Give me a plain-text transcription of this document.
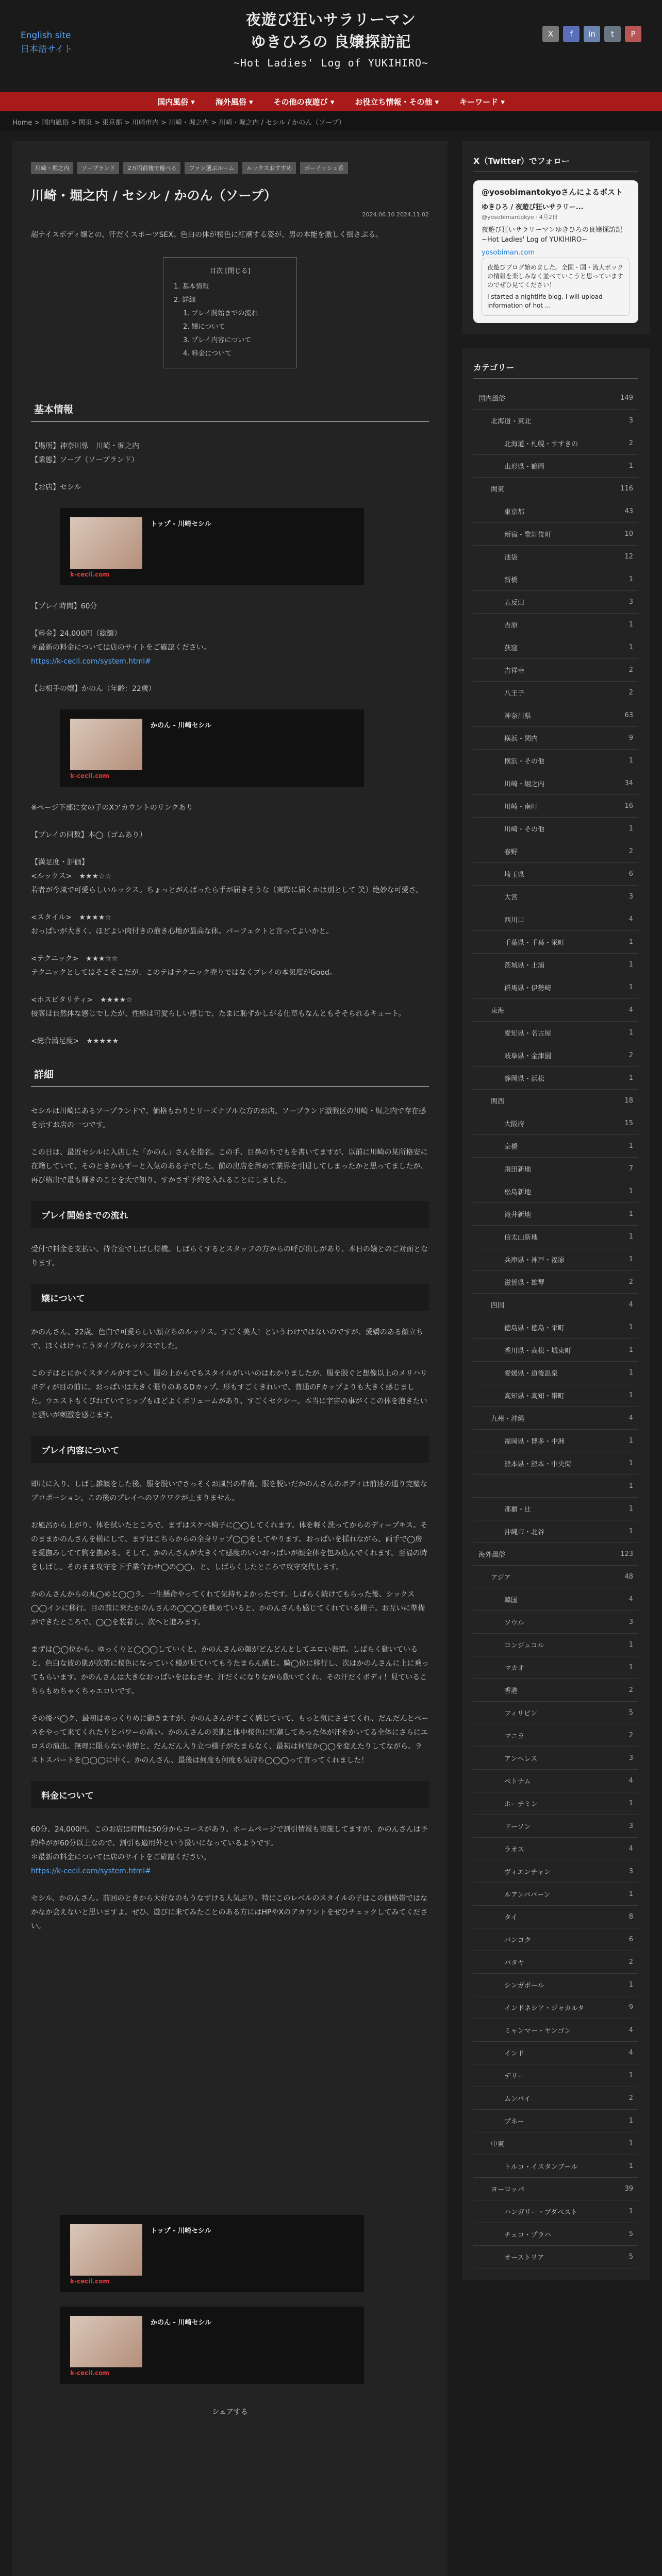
English site
日本語サイト
夜遊び狂いサラリーマン
ゆきひろの 良嬢探訪記
~Hot Ladies' Log of YUKIHIRO~
X	f	in	t	P
国内風俗 ▾	海外風俗 ▾	その他の夜遊び ▾	お役立ち情報・その他 ▾	キーワード ▾
Home > 国内風俗 > 関東 > 東京都 > 川崎市内 > 川崎・堀之内 > 川崎・堀之内 / セシル / かのん（ソープ）
川崎・堀之内	ソープランド	2万円前後で遊べる	ファン選ぶルーム	ルックスおすすめ	ボーイッシュ系
川崎・堀之内 / セシル / かのん（ソープ）
2024.06.10 2024.11.02
超ナイスボディ嬢との、汗だくスポーツSEX。色白の体が桜色に紅潮する姿が、男の本能を激しく揺さぶる。
目次 [閉じる]
1. 基本情報
2. 詳細
1. プレイ開始までの流れ
2. 嬢について
3. プレイ内容について
4. 料金について
基本情報
【場所】神奈川県　川崎・堀之内
【業態】ソープ（ソープランド）
【お店】セシル
トップ - 川崎セシル
k-cecil.com
【プレイ時間】60分
【料金】24,000円（総額）
＊最新の料金については店のサイトをご確認ください。
https://k-cecil.com/system.html#
【お相手の嬢】かのん（年齢：22歳）
かのん - 川崎セシル
k-cecil.com
※ページ下部に女の子のXアカウントのリンクあり
【プレイの回数】本◯（ゴムあり）
【満足度・評価】
<ルックス>　★★★☆☆
若者が今風で可愛らしいルックス。ちょっとがんばったら手が届きそうな（実際に届くかは別として 笑）絶妙な可愛さ。
<スタイル>　★★★★☆
おっぱいが大きく、ほどよい肉付きの抱き心地が最高な体。パーフェクトと言ってよいかと。
<テクニック>　★★★☆☆
テクニックとしてはそこそこだが、このテはテクニック売りではなくプレイの本気度がGood。
<ホスピタリティ>　★★★★☆
接客は自然体な感じでしたが、性格は可愛らしい感じで、たまに恥ずかしがる仕草もなんともそそられるキュート。
<総合満足度>　★★★★★
詳細
セシルは川崎にあるソープランドで、価格もわりとリーズナブルな方のお店。ソープランド激戦区の川崎・堀之内で存在感を示すお店の一つです。
この日は、最近セシルに入店した「かのん」さんを指名。この手、目鼻のちでもを書いてますが、以前に川崎の某所格安に在籍していて、そのときからずーと入気のある子でした。前の出店を辞めて業界を引退してしまったかと思ってましたが、再び格出で最も輝きのことを大で知り、すかさず予約を入れることにしました。
プレイ開始までの流れ
受付で料金を支払い、待合室でしばし待機。しばらくするとスタッフの方からの呼び出しがあり、本日の嬢とのご対面となります。
嬢について
かのんさん、22歳。色白で可愛らしい顔立ちのルックス。すごく美人！というわけではないのですが、愛嬌のある顔立ちで、ほくはけっこうタイプなルックスでした。
この子はとにかくスタイルがすごい。服の上からでもスタイルがいいのはわかりましたが、服を脱ぐと想像以上のメリハリボディが目の前に。おっぱいは大きく張りのあるDカップ。形もすごくきれいで、普通のFカップよりも大きく感じました。ウエストもくびれていてヒップもほどよくボリュームがあり、すごくセクシー。本当に宇宙の事がくこの体を抱きたいと騒いが刺激を感じます。
プレイ内容について
即尺に入り、しばし雑談をした後、服を脱いでさっそくお風呂の準備。服を脱いだかのんさんのボディは前述の通り完璧なプロポーション。この後のプレイへのワクワクが止まりません。
お風呂から上がり、体を拭いたところで、まずはスケべ椅子に◯◯してくれます。体を軽く洗ってからのディープキス。そのままかのんさんを横にして、まずはこちらからの全身リップ◯◯をしてやります。おっぱいを揺れながら、両手で◯房を愛撫みしてて胸を撫める。そして、かのんさんが大きくて感度のいいおっぱいが顔全体を包み込んでくれます。至福の時をしばし。そのまま攻守を下手業合わせ◯の◯◯、と、しばらくしたところで攻守交代します。
かのんさんからの丸◯めと◯◯ラ。一生懸命やってくれて気持ちよかったです。しばらく続けてもらった後、シックス◯◯インに移行。目の前に来たかのんさんの◯◯◯を眺めていると、かのんさんも感じてくれている様子。お互いに準備ができたところで、◯◯を装着し、次へと進みます。
まずは◯◯位から。ゆっくりと◯◯◯していくと、かのんさんの顔がどんどんとしてエロい表情。しばらく動いていると、色白な彼の肌が次第に桜色になっていく様が見ていてもうたまらん感じ。騎◯位に移行し、次はかのんさんに上に乗ってもらいます。かのんさんは大きなおっぱいをはねさせ、汗だくになりながら動いてくれ、その汗だくボディ！見ているこちらもめちゃくちゃエロいです。
その後バ◯ク、最初はゆっくりめに動きますが、かのんさんがすごく感じていて、もっと気にさせてくれ、だんだんとペースをやって来てくれたりとパワーの高い。かのんさんの美肌と体中桜色に紅潮してあった体が汗をかいてる全体にさらにエロスの演出。無理に限らない表情と、だんだん入り立つ様子がたまらなく、最初は何度か◯◯を変えたりしてながら、ラストスパートを◯◯◯に中く。かのんさん、最後は何度も何度も気持ち◯◯◯って言ってくれました！
料金について
60分、24,000円。このお店は時間は50分からコースがあり、ホームページで割引情報も実施してますが、かのんさんは予約枠がが60分以上なので、割引も適用外という扱いになっているようです。
＊最新の料金については店のサイトをご確認ください。
https://k-cecil.com/system.html#
セシル、かのんさん。前回のときから大好なのもうなずける人気ぶり。特にこのレベルのスタイルの子はこの価格帯ではなかなか会えないと思いますよ。ぜひ、遊びに来てみたことのある方にはHPやXのアカウントをぜひチェックしてみてください。
トップ - 川崎セシル
k-cecil.com
かのん - 川崎セシル
k-cecil.com
シェアする
X（Twitter）でフォロー
@yosobimantokyoさんによるポスト
ゆきひろ / 夜遊び狂いサラリー...
@yosobimantokyo · 4月2日
夜遊び狂いサラリーマンゆきひろの良嬢探訪記 ~Hot Ladies' Log of YUKIHIRO~
yosobiman.com
夜遊びブログ始めました。全国・国・流大ボックの情報を楽しみなく並べていこうと思っていますのでぜひ見てください！
I started a nightlife blog. I will upload information of hot ...
カテゴリー
国内風俗	149
北海道・東北	3
北海道・札幌・すすきの	2
山形県・鶴岡	1
関東	116
東京都	43
新宿・歌舞伎町	10
池袋	12
新橋	1
五反田	3
吉原	1
荻窪	1
吉祥寺	2
八王子	2
神奈川県	63
横浜・関内	9
横浜・その他	1
川崎・堀之内	34
川崎・南町	16
川崎・その他	1
春野	2
埼玉県	6
大宮	3
西川口	4
千葉県・千葉・栄町	1
茨城県・土浦	1
群馬県・伊勢崎	1
東海	4
愛知県・名古屋	1
岐阜県・金津園	2
静岡県・浜松	1
関西	18
大阪府	15
京橋	1
飛田新地	7
松島新地	1
滝井新地	1
信太山新地	1
兵庫県・神戸・福原	1
滋賀県・雄琴	2
四国	4
徳島県・徳島・栄町	1
香川県・高松・城東町	1
愛媛県・道後温泉	1
高知県・高知・帯町	1
九州・沖縄	4
福岡県・博多・中洲	1
熊本県・熊本・中央街	1
1
那覇・辻	1
沖縄市・北谷	1
海外風俗	123
アジア	48
韓国	4
ソウル	3
コンジュコル	1
マカオ	1
香港	2
フィリピン	5
マニラ	2
アンヘレス	3
ベトナム	4
ホーチミン	1
ドーソン	3
ラオス	4
ヴィエンチャン	3
ルアンパバーン	1
タイ	8
バンコク	6
パタヤ	2
シンガポール	1
インドネシア・ジャカルタ	9
ミャンマー・ヤンゴン	4
インド	4
デリー	1
ムンバイ	2
プネー	1
中東	1
トルコ・イスタンブール	1
ヨーロッパ	39
ハンガリー・ブダペスト	1
チェコ・プラハ	5
オーストリア	5
